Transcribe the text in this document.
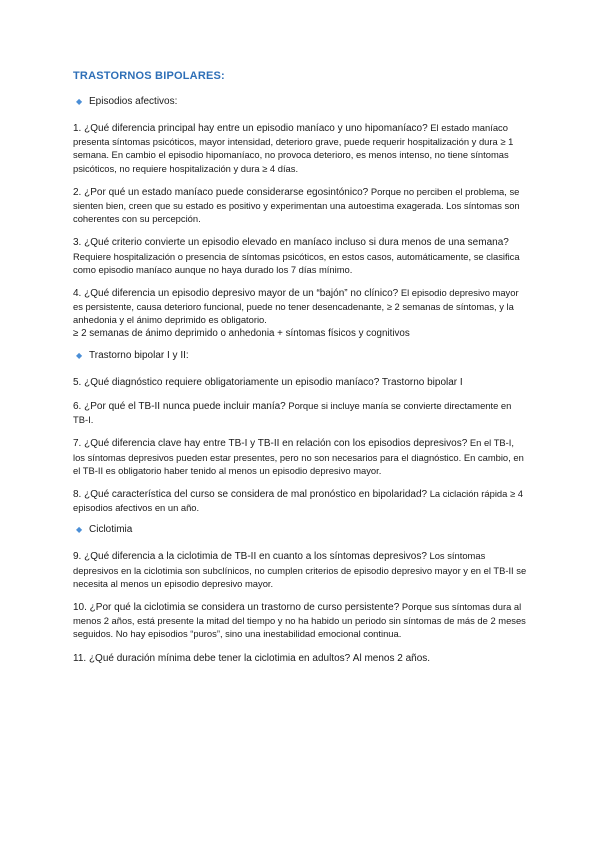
TRASTORNOS BIPOLARES:
◆ Episodios afectivos:

1. ¿Qué diferencia principal hay entre un episodio maníaco y uno hipomaníaco? El estado maníaco presenta síntomas psicóticos, mayor intensidad, deterioro grave, puede requerir hospitalización y dura ≥ 1 semana. En cambio el episodio hipomaníaco, no provoca deterioro, es menos intenso, no tiene síntomas psicóticos, no requiere hospitalización y dura ≥ 4 días.

2. ¿Por qué un estado maníaco puede considerarse egosintónico? Porque no perciben el problema, se sienten bien, creen que su estado es positivo y experimentan una autoestima exagerada. Los síntomas son coherentes con su percepción.

3. ¿Qué criterio convierte un episodio elevado en maníaco incluso si dura menos de una semana? Requiere hospitalización o presencia de síntomas psicóticos, en estos casos, automáticamente, se clasifica como episodio maníaco aunque no haya durado los 7 días mínimo.

4. ¿Qué diferencia un episodio depresivo mayor de un “bajón” no clínico? El episodio depresivo mayor es persistente, causa deterioro funcional, puede no tener desencadenante, ≥ 2 semanas de síntomas, y la anhedonia y el ánimo deprimido es obligatorio.
≥ 2 semanas de ánimo deprimido o anhedonia + síntomas físicos y cognitivos

◆ Trastorno bipolar I y II:

5. ¿Qué diagnóstico requiere obligatoriamente un episodio maníaco? Trastorno bipolar I

6. ¿Por qué el TB-II nunca puede incluir manía? Porque si incluye manía se convierte directamente en TB-I.

7. ¿Qué diferencia clave hay entre TB-I y TB-II en relación con los episodios depresivos? En el TB-I, los síntomas depresivos pueden estar presentes, pero no son necesarios para el diagnóstico. En cambio, en el TB-II es obligatorio haber tenido al menos un episodio depresivo mayor.

8. ¿Qué característica del curso se considera de mal pronóstico en bipolaridad? La ciclación rápida ≥ 4 episodios afectivos en un año.

◆ Ciclotimia

9. ¿Qué diferencia a la ciclotimia de TB-II en cuanto a los síntomas depresivos? Los síntomas depresivos en la ciclotimia son subclínicos, no cumplen criterios de episodio depresivo mayor y en el TB-II se necesita al menos un episodio depresivo mayor.

10. ¿Por qué la ciclotimia se considera un trastorno de curso persistente? Porque sus síntomas dura al menos 2 años, está presente la mitad del tiempo y no ha habido un periodo sin síntomas de más de 2 meses seguidos. No hay episodios “puros”, sino una inestabilidad emocional continua.

11. ¿Qué duración mínima debe tener la ciclotimia en adultos? Al menos 2 años.
